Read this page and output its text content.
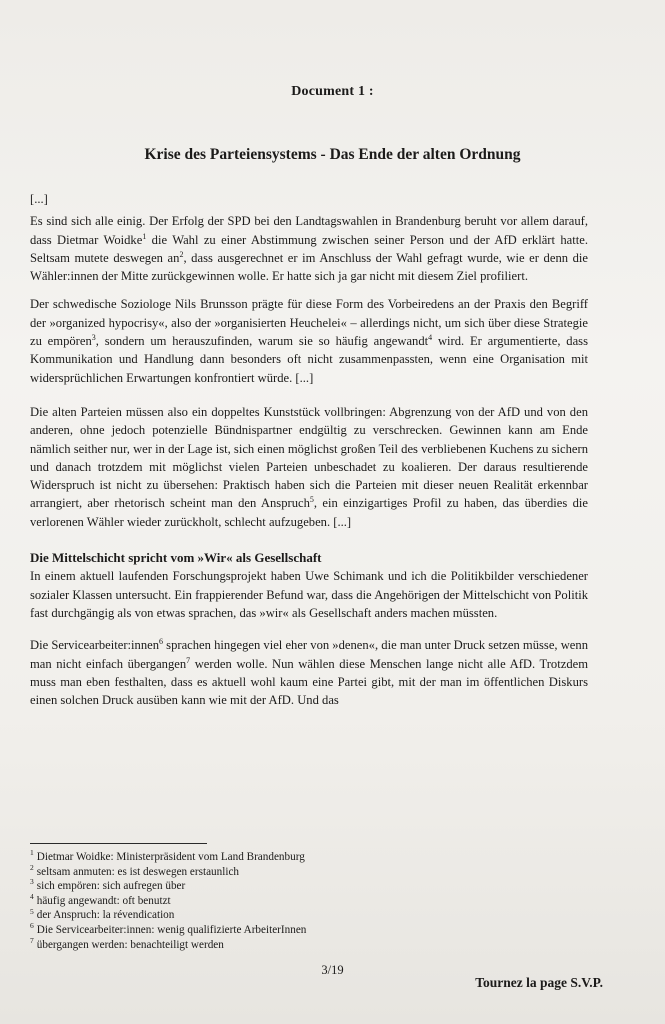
Document 1 :
Krise des Parteiensystems - Das Ende der alten Ordnung

[...]

Es sind sich alle einig. Der Erfolg der SPD bei den Landtagswahlen in Brandenburg beruht vor allem darauf, dass Dietmar Woidke$^1$ die Wahl zu einer Abstimmung zwischen seiner Person und der AfD erklärt hatte. Seltsam mutete deswegen $an^2$, dass ausgerechnet er im Anschluss der Wahl gefragt wurde, wie er denn die Wähler:innen der Mitte zurückgewinnen wolle. Er hatte sich ja gar nicht mit diesem Ziel profiliert.

Der schwedische Soziologe Nils Brunsson prägte für diese Form des Vorbeiredens an der Praxis den Begriff der »organized hypocrisy«, also der »organisierten Heuchelei« – allerdings nicht, um sich über diese Strategie zu empören$^3$, sondern um herauszufinden, warum sie so häufig angewandt$^4$ wird. Er argumentierte, dass Kommunikation und Handlung dann besonders oft nicht zusammenpassten, wenn eine Organisation mit widersprüchlichen Erwartungen konfrontiert würde. [...]

Die alten Parteien müssen also ein doppeltes Kunststück vollbringen: Abgrenzung von der AfD und von den anderen, ohne jedoch potenzielle Bündnispartner endgültig zu verschrecken. Gewinnen kann am Ende nämlich seither nur, wer in der Lage ist, sich einen möglichst großen Teil des verbliebenen Kuchens zu sichern und danach trotzdem mit möglichst vielen Parteien unbeschadet zu koalieren. Der daraus resultierende Widerspruch ist nicht zu übersehen: Praktisch haben sich die Parteien mit dieser neuen Realität erkennbar arrangiert, aber rhetorisch scheint man den Anspruch$^5$, ein einzigartiges Profil zu haben, das überdies die verlorenen Wähler wieder zurückholt, schlecht aufzugeben. [...]

Die Mittelschicht spricht vom »Wir« als Gesellschaft

In einem aktuell laufenden Forschungsprojekt haben Uwe Schimank und ich die Politikbilder verschiedener sozialer Klassen untersucht. Ein frappierender Befund war, dass die Angehörigen der Mittelschicht von Politik fast durchgängig als von etwas sprachen, das »wir« als Gesellschaft anders machen müssten.

Die Servicearbeiter:innen$^6$ sprachen hingegen viel eher von »denen«, die man unter Druck setzen müsse, wenn man nicht einfach übergangen$^7$ werden wolle. Nun wählen diese Menschen lange nicht alle AfD. Trotzdem muss man eben festhalten, dass es aktuell wohl kaum eine Partei gibt, mit der man im öffentlichen Diskurs einen solchen Druck ausüben kann wie mit der AfD. Und das

$^1$ Dietmar Woidke: Ministerpräsident vom Land Brandenburg
$^2$ seltsam anmuten: es ist deswegen erstaunlich
$^3$ sich empören: sich aufregen über
$^4$ häufig angewandt: oft benutzt
$^5$ der Anspruch: la révendication
$^6$ Die Servicearbeiter:innen: wenig qualifizierte ArbeiterInnen
$^7$ übergangen werden: benachteiligt werden
3/19
Tournez la page S.V.P.
